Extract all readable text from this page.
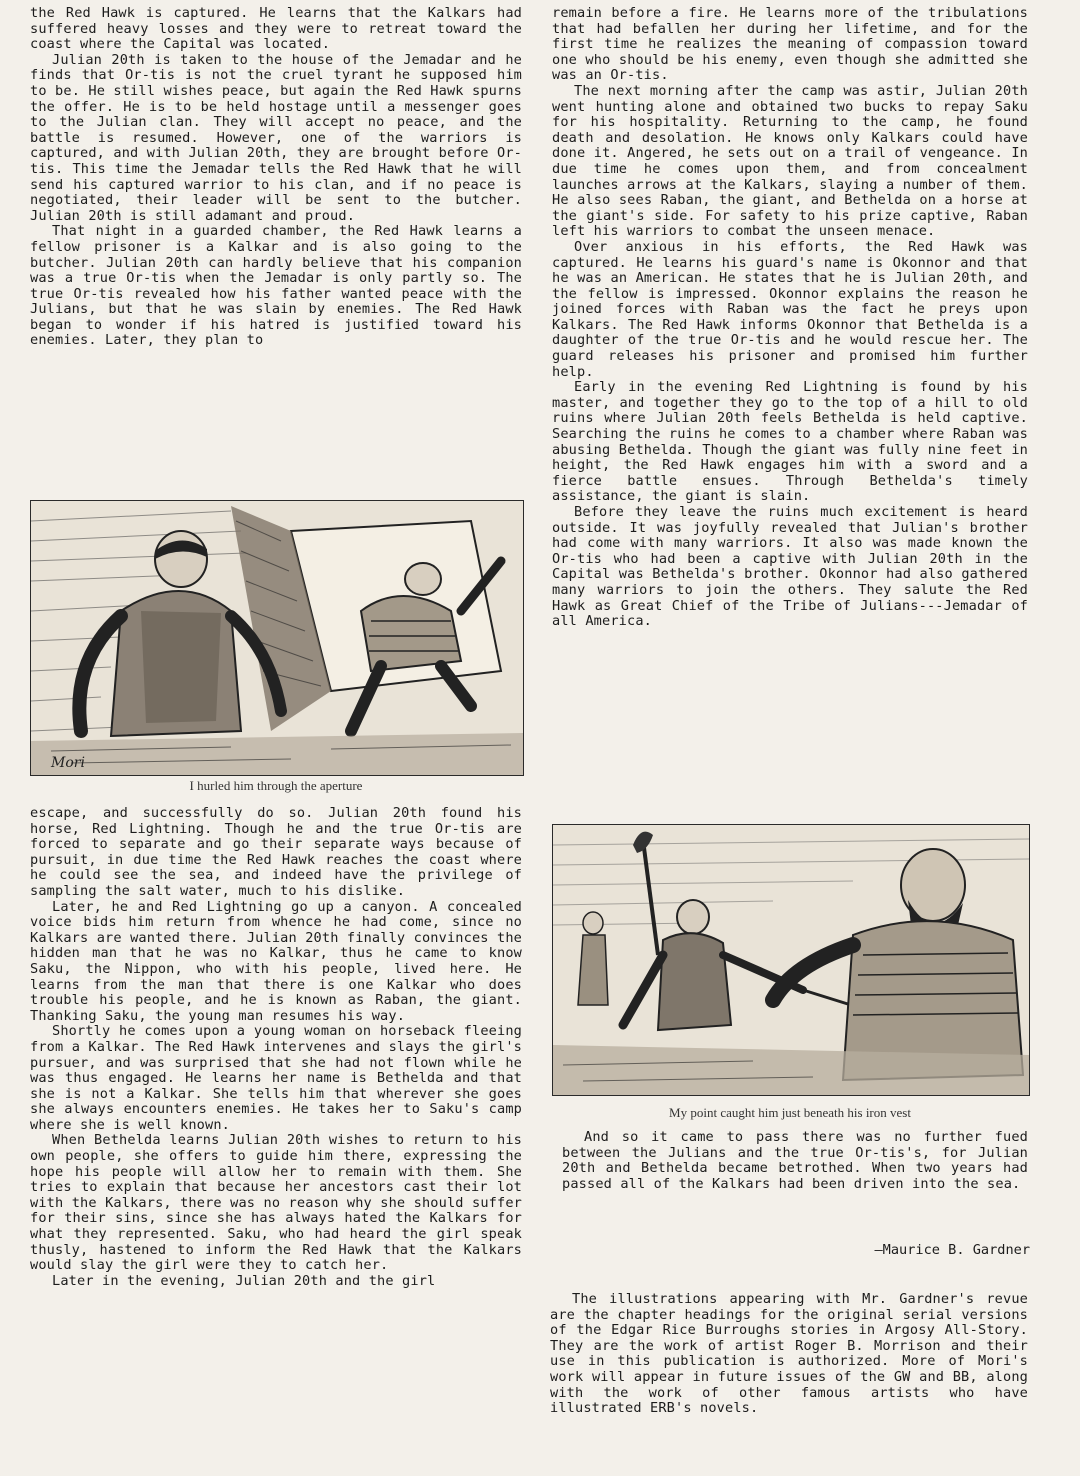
the Red Hawk is captured. He learns that the Kalkars had suffered heavy losses and they were to retreat toward the coast where the Capital was located.

Julian 20th is taken to the house of the Jemadar and he finds that Or-tis is not the cruel tyrant he supposed him to be. He still wishes peace, but again the Red Hawk spurns the offer. He is to be held hostage until a messenger goes to the Julian clan. They will accept no peace, and the battle is resumed. However, one of the warriors is captured, and with Julian 20th, they are brought before Or-tis. This time the Jemadar tells the Red Hawk that he will send his captured warrior to his clan, and if no peace is negotiated, their leader will be sent to the butcher. Julian 20th is still adamant and proud.

That night in a guarded chamber, the Red Hawk learns a fellow prisoner is a Kalkar and is also going to the butcher. Julian 20th can hardly believe that his companion was a true Or-tis when the Jemadar is only partly so. The true Or-tis revealed how his father wanted peace with the Julians, but that he was slain by enemies. The Red Hawk began to wonder if his hatred is justified toward his enemies. Later, they plan to

Mori

I hurled him through the aperture

escape, and successfully do so. Julian 20th found his horse, Red Lightning. Though he and the true Or-tis are forced to separate and go their separate ways because of pursuit, in due time the Red Hawk reaches the coast where he could see the sea, and indeed have the privilege of sampling the salt water, much to his dislike.

Later, he and Red Lightning go up a canyon. A concealed voice bids him return from whence he had come, since no Kalkars are wanted there. Julian 20th finally convinces the hidden man that he was no Kalkar, thus he came to know Saku, the Nippon, who with his people, lived here. He learns from the man that there is one Kalkar who does trouble his people, and he is known as Raban, the giant. Thanking Saku, the young man resumes his way.

Shortly he comes upon a young woman on horseback fleeing from a Kalkar. The Red Hawk intervenes and slays the girl's pursuer, and was surprised that she had not flown while he was thus engaged. He learns her name is Bethelda and that she is not a Kalkar. She tells him that wherever she goes she always encounters enemies. He takes her to Saku's camp where she is well known.

When Bethelda learns Julian 20th wishes to return to his own people, she offers to guide him there, expressing the hope his people will allow her to remain with them. She tries to explain that because her ancestors cast their lot with the Kalkars, there was no reason why she should suffer for their sins, since she has always hated the Kalkars for what they represented. Saku, who had heard the girl speak thusly, hastened to inform the Red Hawk that the Kalkars would slay the girl were they to catch her.

Later in the evening, Julian 20th and the girl

remain before a fire. He learns more of the tribulations that had befallen her during her lifetime, and for the first time he realizes the meaning of compassion toward one who should be his enemy, even though she admitted she was an Or-tis.

The next morning after the camp was astir, Julian 20th went hunting alone and obtained two bucks to repay Saku for his hospitality. Returning to the camp, he found death and desolation. He knows only Kalkars could have done it. Angered, he sets out on a trail of vengeance. In due time he comes upon them, and from concealment launches arrows at the Kalkars, slaying a number of them. He also sees Raban, the giant, and Bethelda on a horse at the giant's side. For safety to his prize captive, Raban left his warriors to combat the unseen menace.

Over anxious in his efforts, the Red Hawk was captured. He learns his guard's name is Okonnor and that he was an American. He states that he is Julian 20th, and the fellow is impressed. Okonnor explains the reason he joined forces with Raban was the fact he preys upon Kalkars. The Red Hawk informs Okonnor that Bethelda is a daughter of the true Or-tis and he would rescue her. The guard releases his prisoner and promised him further help.

Early in the evening Red Lightning is found by his master, and together they go to the top of a hill to old ruins where Julian 20th feels Bethelda is held captive. Searching the ruins he comes to a chamber where Raban was abusing Bethelda. Though the giant was fully nine feet in height, the Red Hawk engages him with a sword and a fierce battle ensues. Through Bethelda's timely assistance, the giant is slain.

Before they leave the ruins much excitement is heard outside. It was joyfully revealed that Julian's brother had come with many warriors. It also was made known the Or-tis who had been a captive with Julian 20th in the Capital was Bethelda's brother. Okonnor had also gathered many warriors to join the others. They salute the Red Hawk as Great Chief of the Tribe of Julians---Jemadar of all America.

My point caught him just beneath his iron vest

And so it came to pass there was no further fued between the Julians and the true Or-tis's, for Julian 20th and Bethelda became betrothed. When two years had passed all of the Kalkars had been driven into the sea.

—Maurice B. Gardner

The illustrations appearing with Mr. Gardner's revue are the chapter headings for the original serial versions of the Edgar Rice Burroughs stories in Argosy All-Story. They are the work of artist Roger B. Morrison and their use in this publication is authorized. More of Mori's work will appear in future issues of the GW and BB, along with the work of other famous artists who have illustrated ERB's novels.
